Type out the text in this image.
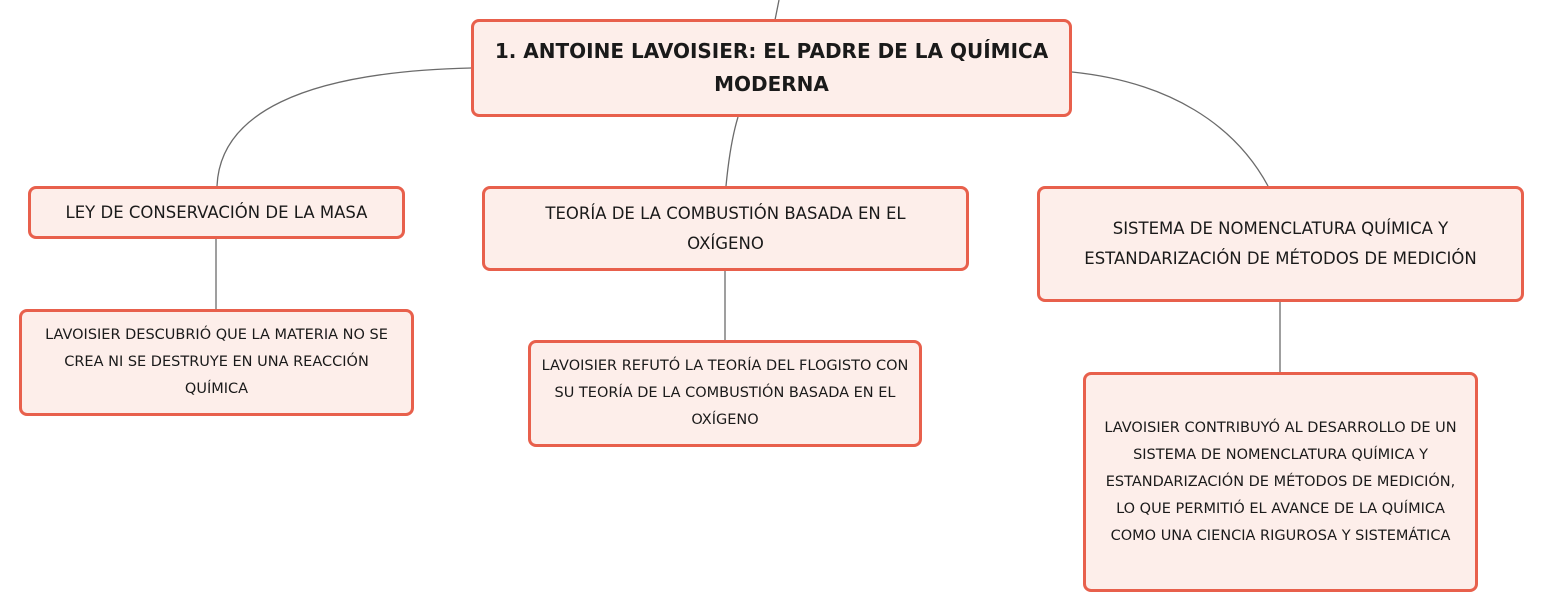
1. ANTOINE LAVOISIER: EL PADRE DE LA QUÍMICA MODERNA
LEY DE CONSERVACIÓN DE LA MASA	TEORÍA DE LA COMBUSTIÓN BASADA EN EL OXÍGENO
SISTEMA DE NOMENCLATURA QUÍMICA Y ESTANDARIZACIÓN DE MÉTODOS DE MEDICIÓN
LAVOISIER DESCUBRIÓ QUE LA MATERIA NO SE CREA NI SE DESTRUYE EN UNA REACCIÓN QUÍMICA
LAVOISIER REFUTÓ LA TEORÍA DEL FLOGISTO CON SU TEORÍA DE LA COMBUSTIÓN BASADA EN EL OXÍGENO	LAVOISIER CONTRIBUYÓ AL DESARROLLO DE UN SISTEMA DE NOMENCLATURA QUÍMICA Y ESTANDARIZACIÓN DE MÉTODOS DE MEDICIÓN, LO QUE PERMITIÓ EL AVANCE DE LA QUÍMICA COMO UNA CIENCIA RIGUROSA Y SISTEMÁTICA
